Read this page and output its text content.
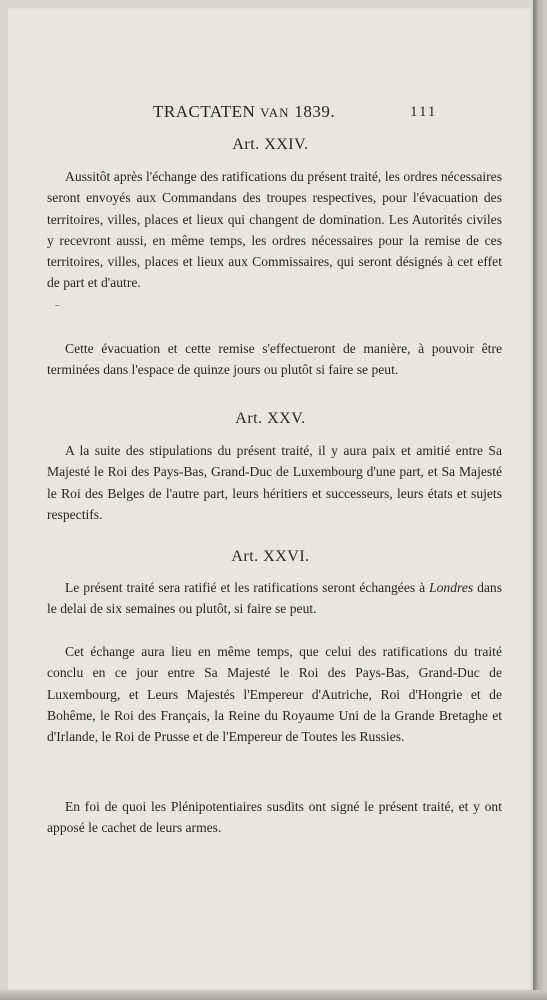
TRACTATEN VAN 1839.	111
Art. XXIV.

Aussitôt après l'échange des ratifications du présent traité, les ordres nécessaires seront envoyés aux Commandans des troupes respectives, pour l'évacuation des territoires, villes, places et lieux qui changent de domination. Les Autorités civiles y recevront aussi, en même temps, les ordres nécessaires pour la remise de ces territoires, villes, places et lieux aux Commissaires, qui seront désignés à cet effet de part et d'autre.

Cette évacuation et cette remise s'effectueront de manière, à pouvoir être terminées dans l'espace de quinze jours ou plutôt si faire se peut.

Art. XXV.

A la suite des stipulations du présent traité, il y aura paix et amitié entre Sa Majesté le Roi des Pays-Bas, Grand-Duc de Luxembourg d'une part, et Sa Majesté le Roi des Belges de l'autre part, leurs héritiers et successeurs, leurs états et sujets respectifs.

Art. XXVI.

Le présent traité sera ratifié et les ratifications seront échangées à Londres dans le delai de six semaines ou plutôt, si faire se peut.

Cet échange aura lieu en même temps, que celui des ratifications du traité conclu en ce jour entre Sa Majesté le Roi des Pays-Bas, Grand-Duc de Luxembourg, et Leurs Majestés l'Empereur d'Autriche, Roi d'Hongrie et de Bohême, le Roi des Français, la Reine du Royaume Uni de la Grande Bretaghe et d'Irlande, le Roi de Prusse et de l'Empereur de Toutes les Russies.

En foi de quoi les Plénipotentiaires susdits ont signé le présent traité, et y ont apposé le cachet de leurs armes.
